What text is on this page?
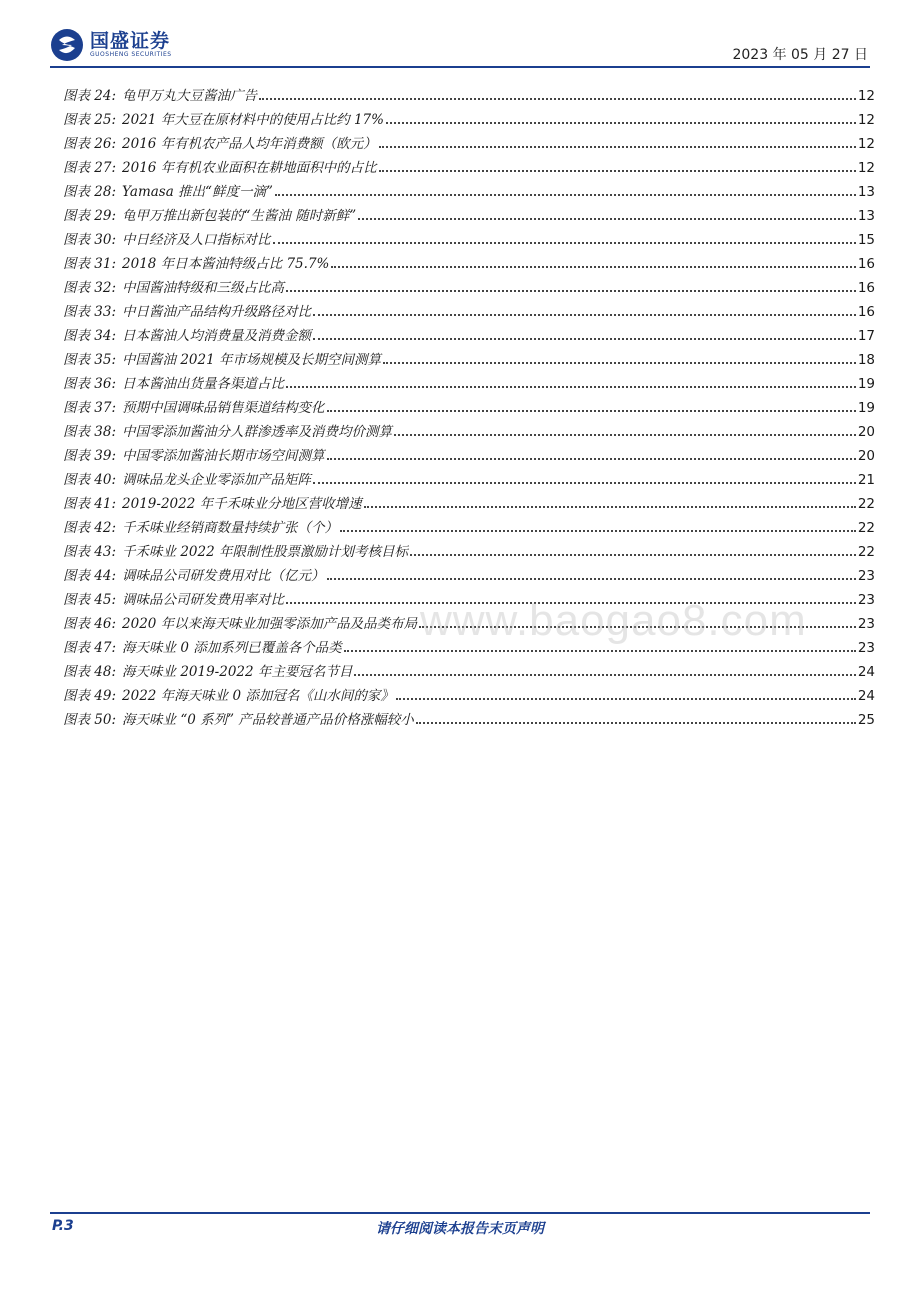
国盛证券
GUOSHENG SECURITIES	2023 年 05 月 27 日
图表 24: 龟甲万丸大豆酱油广告	12
图表 25: 2021 年大豆在原材料中的使用占比约 17%	12
图表 26: 2016 年有机农产品人均年消费额（欧元）	12
图表 27: 2016 年有机农业面积在耕地面积中的占比	12
图表 28: Yamasa 推出“鲜度一滴”	13
图表 29: 龟甲万推出新包装的“生酱油 随时新鲜”	13
图表 30: 中日经济及人口指标对比	15
图表 31: 2018 年日本酱油特级占比 75.7%	16
图表 32: 中国酱油特级和三级占比高	16
图表 33: 中日酱油产品结构升级路径对比	16
图表 34: 日本酱油人均消费量及消费金额	17
图表 35: 中国酱油 2021 年市场规模及长期空间测算	18
图表 36: 日本酱油出货量各渠道占比	19
图表 37: 预期中国调味品销售渠道结构变化	19
图表 38: 中国零添加酱油分人群渗透率及消费均价测算	20
图表 39: 中国零添加酱油长期市场空间测算	20
图表 40: 调味品龙头企业零添加产品矩阵	21
图表 41: 2019-2022 年千禾味业分地区营收增速	22
图表 42: 千禾味业经销商数量持续扩张（个）	22
图表 43: 千禾味业 2022 年限制性股票激励计划考核目标	22
图表 44: 调味品公司研发费用对比（亿元）	23
图表 45: 调味品公司研发费用率对比	23
图表 46: 2020 年以来海天味业加强零添加产品及品类布局	23
图表 47: 海天味业 0 添加系列已覆盖各个品类	23
图表 48: 海天味业 2019-2022 年主要冠名节目	24
图表 49: 2022 年海天味业 0 添加冠名《山水间的家》	24
图表 50: 海天味业 “0 系列” 产品较普通产品价格涨幅较小	25
www.baogao8.com
P.3	请仔细阅读本报告末页声明
